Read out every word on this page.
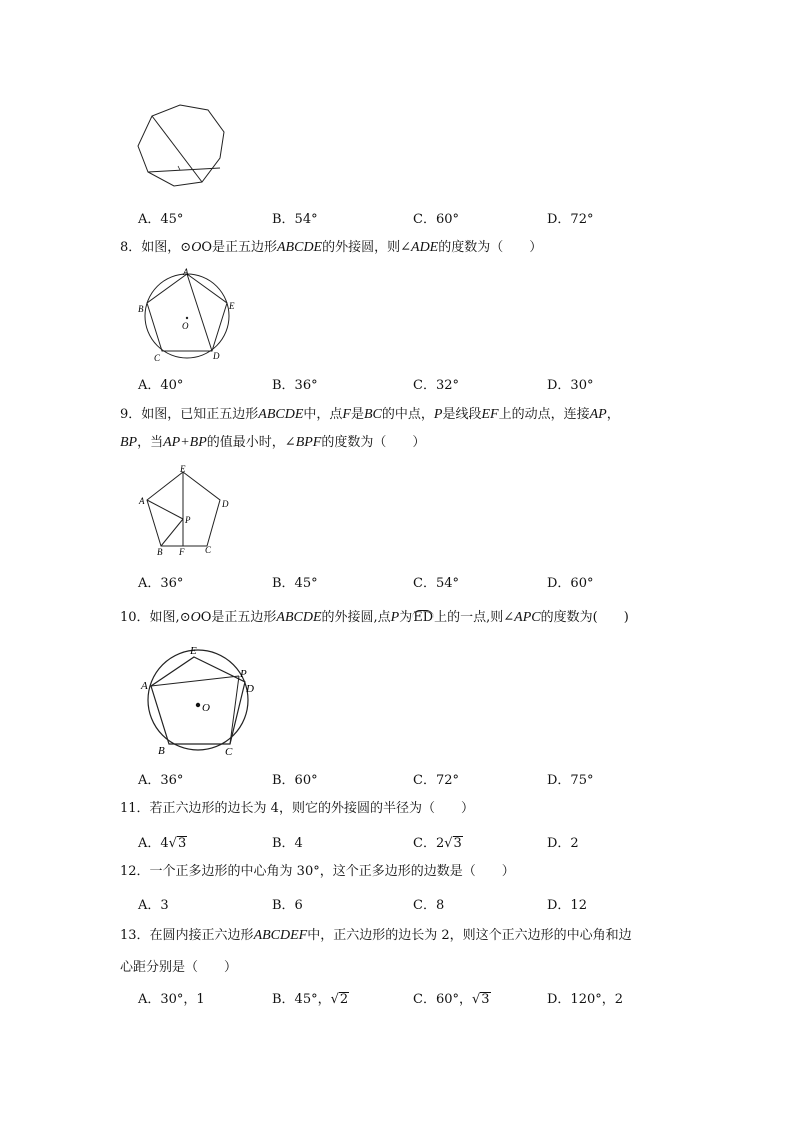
A．45°	B．54°	C．60°	D．72°
8．如图，⊙OO是正五边形ABCDE的外接圆，则∠ADE的度数为（　　）
A
B
C	D
E
O
A．40°	B．36°	C．32°	D．30°
9．如图，已知正五边形ABCDE中，点F是BC的中点，P是线段EF上的动点，连接AP，
BP，当AP+BP的值最小时，∠BPF的度数为（　　）
E
A	D
P
B F C
A．36°	B．45°	C．54°	D．60°
10．如图,⊙OO是正五边形ABCDE的外接圆,点P为ED上的一点,则∠APC的度数为(　　)
E
P
D
A
O
B	C
A．36°	B．60°	C．72°	D．75°
11．若正六边形的边长为 4，则它的外接圆的半径为（　　）
A．4√3	B．4	C．2√3	D．2
12．一个正多边形的中心角为 30°，这个正多边形的边数是（　　）
A．3	B．6	C．8	D．12
13．在圆内接正六边形ABCDEF中，正六边形的边长为 2，则这个正六边形的中心角和边
心距分别是（　　）
A．30°，1	B．45°，√2	C．60°，√3	D．120°，2
